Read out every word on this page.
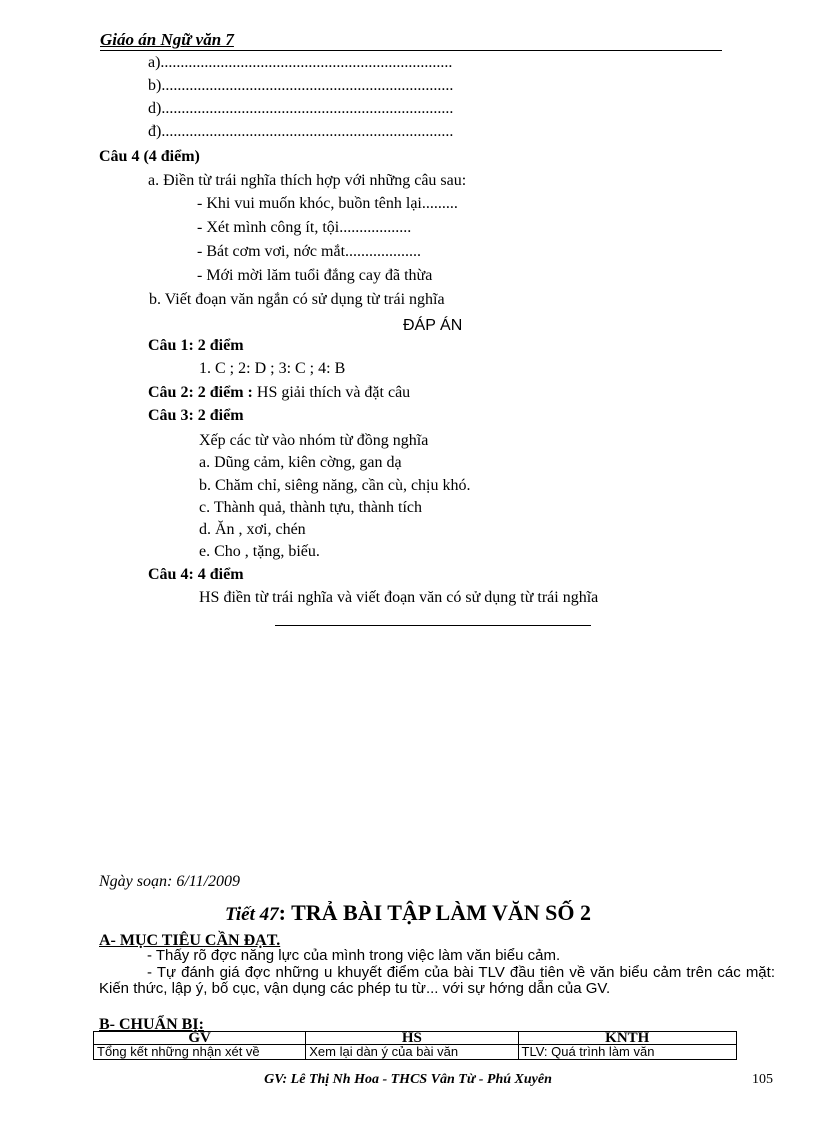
Giáo án Ngữ văn 7
a).........................................................................
b).........................................................................
d).........................................................................
đ).........................................................................
Câu 4 (4 điểm)
a. Điền từ trái nghĩa thích hợp với những câu sau:
- Khi vui muốn khóc, buồn tênh lại.........
- Xét mình công ít, tội..................
- Bát cơm vơi, nớc mắt...................
- Mới mời lăm tuổi đắng cay đã thừa
b. Viết đoạn văn ngắn có sử dụng từ trái nghĩa
ĐÁP ÁN
Câu 1: 2 điểm
1. C ; 2: D ; 3: C ; 4: B
Câu 2: 2 điểm : HS giải thích và đặt câu
Câu 3: 2 điểm
Xếp các từ vào nhóm từ đồng nghĩa
a. Dũng cảm, kiên cờng, gan dạ
b. Chăm chỉ, siêng năng, cần cù, chịu khó.
c. Thành quả, thành tựu, thành tích
d. Ăn , xơi, chén
e. Cho , tặng, biếu.
Câu 4: 4 điểm
HS điền từ trái nghĩa và viết đoạn văn có sử dụng từ trái nghĩa
Ngày soạn: 6/11/2009
Tiết 47: TRẢ BÀI TẬP LÀM VĂN SỐ 2
A- MỤC TIÊU CẦN ĐẠT.
- Thấy rõ đợc năng lực của mình trong việc làm văn biểu cảm.
- Tự đánh giá đợc những u khuyết điểm của bài TLV đầu tiên về văn biểu cảm trên các mặt: Kiến thức, lập ý, bố cục, vận dụng các phép tu từ... với sự hớng dẫn của GV.
B- CHUẨN BỊ:
GV	HS	KNTH
Tổng kết những nhận xét về	Xem lại dàn ý của bài văn	TLV: Quá trình làm văn
GV: Lê Thị Nh Hoa - THCS Vân Từ - Phú Xuyên	105
